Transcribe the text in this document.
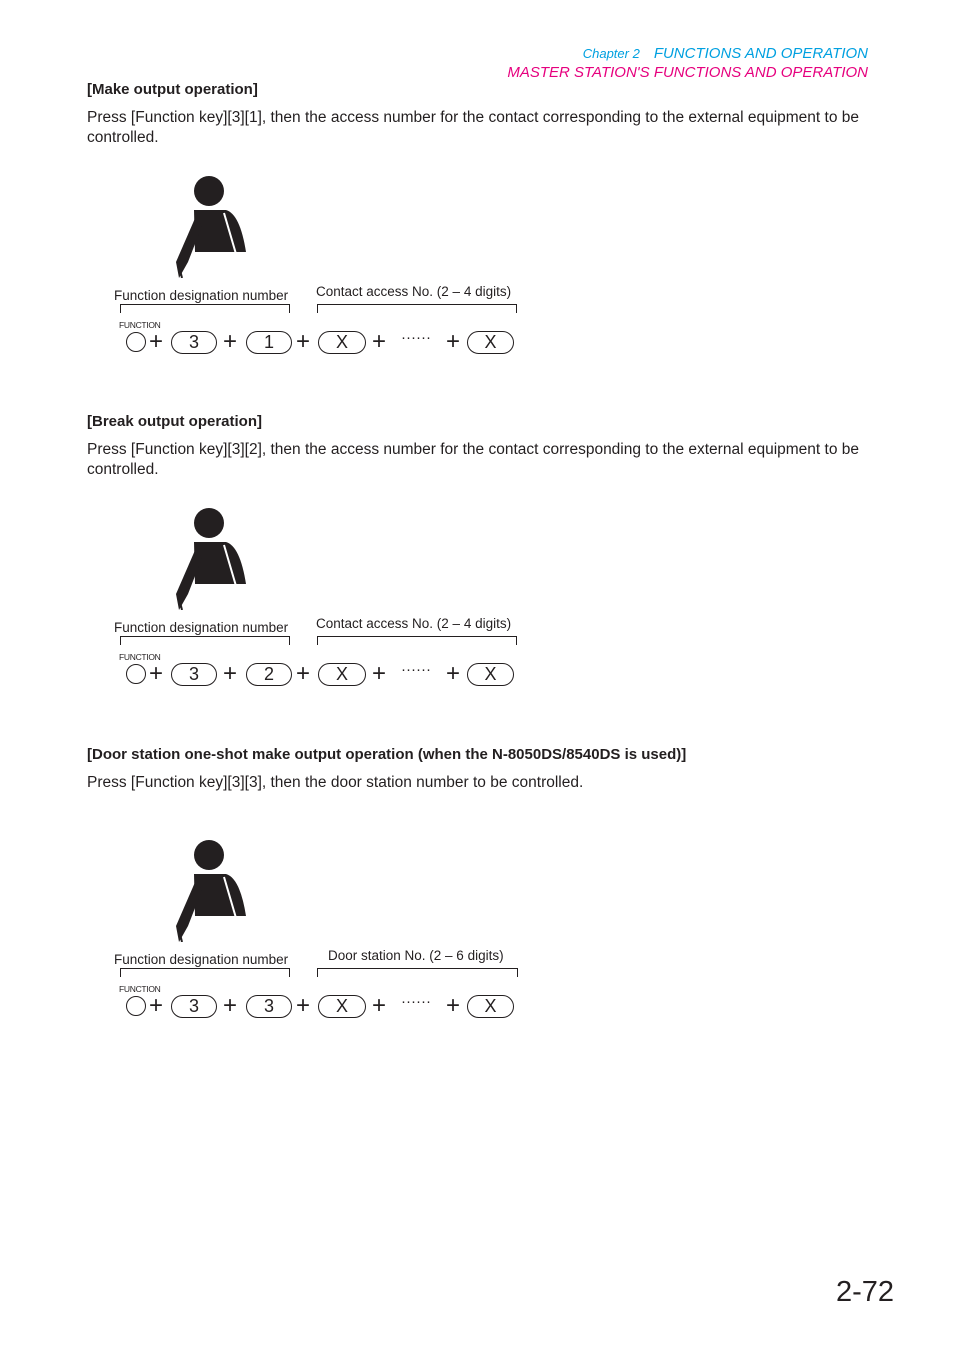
Chapter 2 FUNCTIONS AND OPERATION
MASTER STATION'S FUNCTIONS AND OPERATION
[Make output operation]

Press [Function key][3][1], then the access number for the contact corresponding to the external equipment to be controlled.

Function designation number Contact access No. (2 – 4 digits)
FUNCTION
+	3	+	1 +	X	+ ······ +	X
[Break output operation]

Press [Function key][3][2], then the access number for the contact corresponding to the external equipment to be controlled.

Function designation number Contact access No. (2 – 4 digits)
FUNCTION
+	3	+	2 +	X	+ ······ +	X
[Door station one-shot make output operation (when the N-8050DS/8540DS is used)]

Press [Function key][3][3], then the door station number to be controlled.

Function designation number	Door station No. (2 – 6 digits)
FUNCTION
+	3	+	3 +	X	+ ······ +	X
2-72
